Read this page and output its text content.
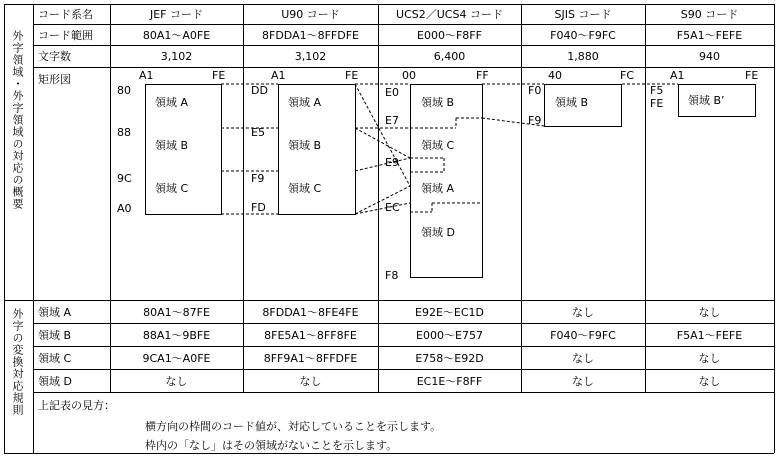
外字領域・外字領域の対応の概要
外字の変換対応規則
コード系名	JEF コード	U90 コード	UCS2／UCS4 コード	SJIS コード	S90 コード
コード範囲	80A1～A0FE	8FDDA1～8FFDFE	E000～F8FF	F040～F9FC	F5A1～FEFE
文字数	3,102	3,102	6,400	1,880	940
矩形図	A1	FE
80
88
9C
A0
領域 A
領域 B
領域 C
A1	FE
DD
E5
F9
FD
領域 A
領域 B
領域 C
00	FF
E0
E7
E9
EC
F8
領域 B
領域 C
領域 A
領域 D
40	FC
F0
F9
領域 B
A1	FE
F5
FE 領域 B’
領域 A	80A1～87FE	8FDDA1～8FE4FE	E92E～EC1D	なし	なし
領域 B	88A1～9BFE	8FE5A1～8FF8FE	E000～E757	F040～F9FC	F5A1～FEFE
領域 C	9CA1～A0FE	8FF9A1～8FFDFE	E758～E92D	なし	なし
領域 D	なし	なし	EC1E～F8FF	なし	なし
上記表の見方：
横方向の枠間のコード値が、対応していることを示します。
枠内の「なし」はその領域がないことを示します。
